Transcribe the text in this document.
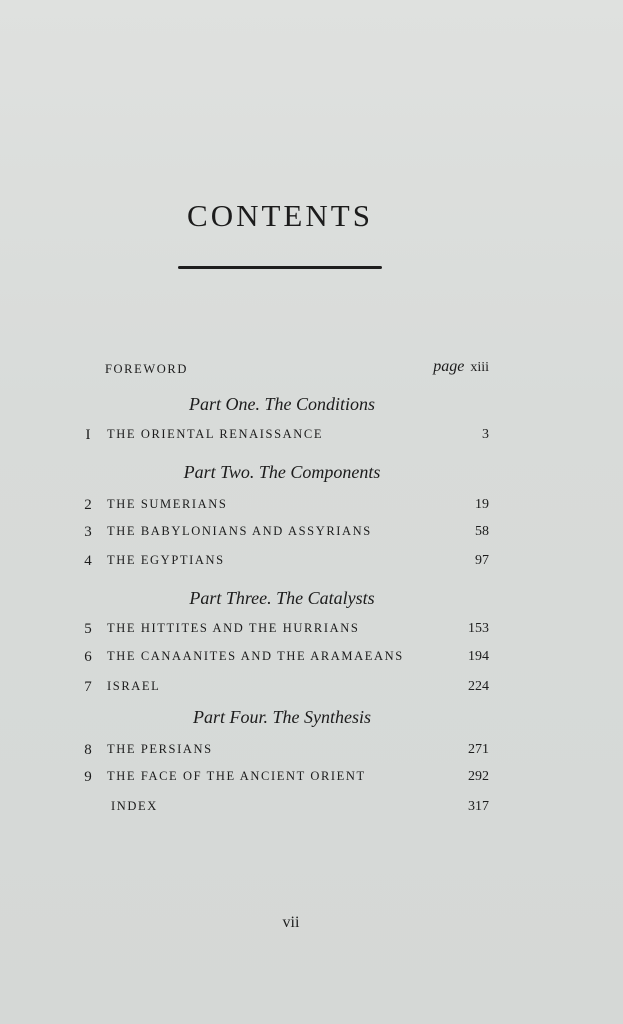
CONTENTS
FOREWORD	page xiii
Part One. The Conditions
I	THE ORIENTAL RENAISSANCE	3
Part Two. The Components
2	THE SUMERIANS	19
3	THE BABYLONIANS AND ASSYRIANS	58
4	THE EGYPTIANS	97
Part Three. The Catalysts
5	THE HITTITES AND THE HURRIANS	153
6	THE CANAANITES AND THE ARAMAEANS	194
7	ISRAEL	224
Part Four. The Synthesis
8	THE PERSIANS	271
9	THE FACE OF THE ANCIENT ORIENT	292
INDEX	317
vii
